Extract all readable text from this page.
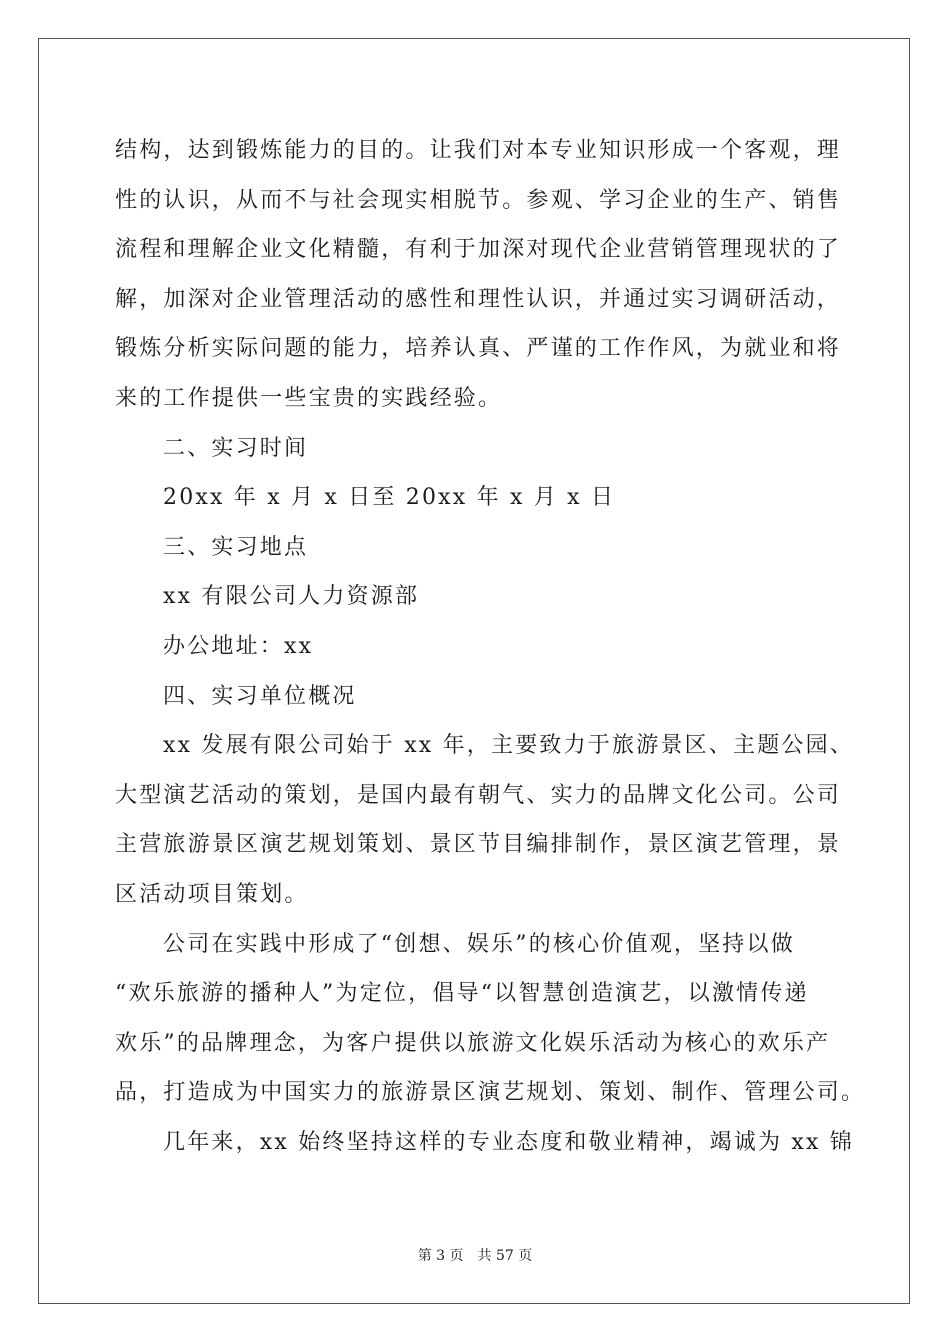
结构，达到锻炼能力的目的。让我们对本专业知识形成一个客观，理
性的认识，从而不与社会现实相脱节。参观、学习企业的生产、销售
流程和理解企业文化精髓，有利于加深对现代企业营销管理现状的了
解，加深对企业管理活动的感性和理性认识，并通过实习调研活动，
锻炼分析实际问题的能力，培养认真、严谨的工作作风，为就业和将
来的工作提供一些宝贵的实践经验。
二、实习时间
20xx 年 x 月 x 日至 20xx 年 x 月 x 日
三、实习地点
xx 有限公司人力资源部
办公地址：xx
四、实习单位概况
xx 发展有限公司始于 xx 年，主要致力于旅游景区、主题公园、
大型演艺活动的策划，是国内最有朝气、实力的品牌文化公司。公司
主营旅游景区演艺规划策划、景区节目编排制作，景区演艺管理，景
区活动项目策划。
公司在实践中形成了“创想、娱乐”的核心价值观，坚持以做
“欢乐旅游的播种人”为定位，倡导“以智慧创造演艺，以激情传递
欢乐”的品牌理念，为客户提供以旅游文化娱乐活动为核心的欢乐产
品，打造成为中国实力的旅游景区演艺规划、策划、制作、管理公司。
几年来，xx 始终坚持这样的专业态度和敬业精神，竭诚为 xx 锦
第 3 页 共 57 页
